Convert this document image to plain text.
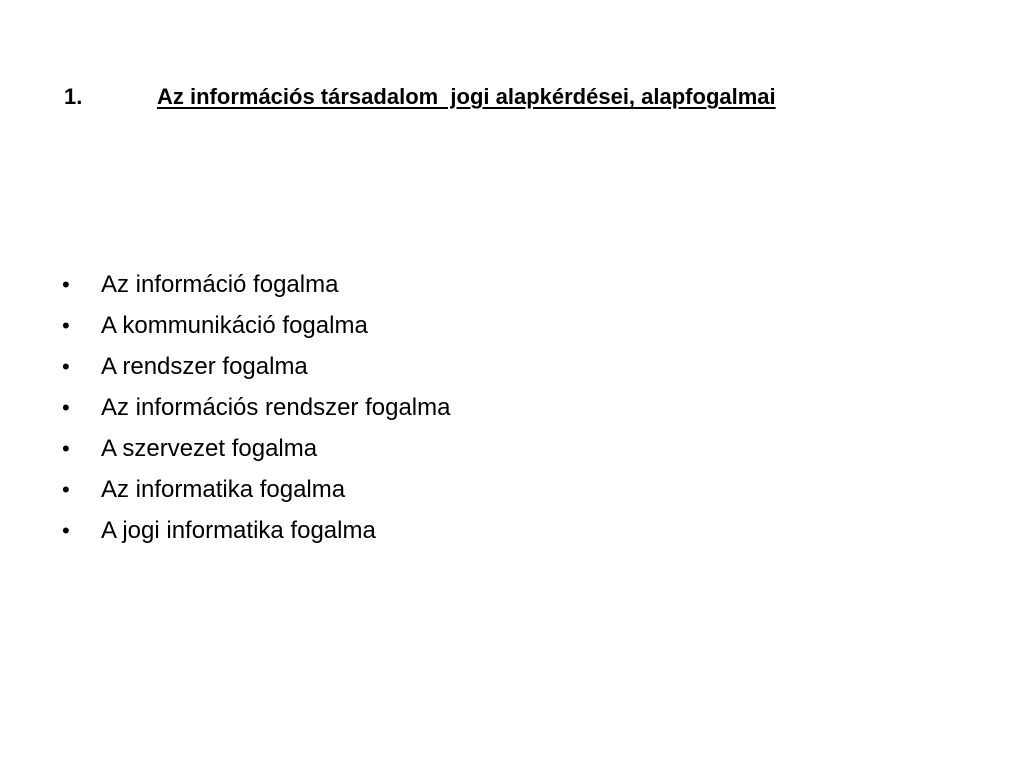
1.	Az információs társadalom  jogi alapkérdései, alapfogalmai
•	Az információ fogalma
•	A kommunikáció fogalma
•	A rendszer fogalma
•	Az információs rendszer fogalma
•	A szervezet fogalma
•	Az informatika fogalma
•	A jogi informatika fogalma
